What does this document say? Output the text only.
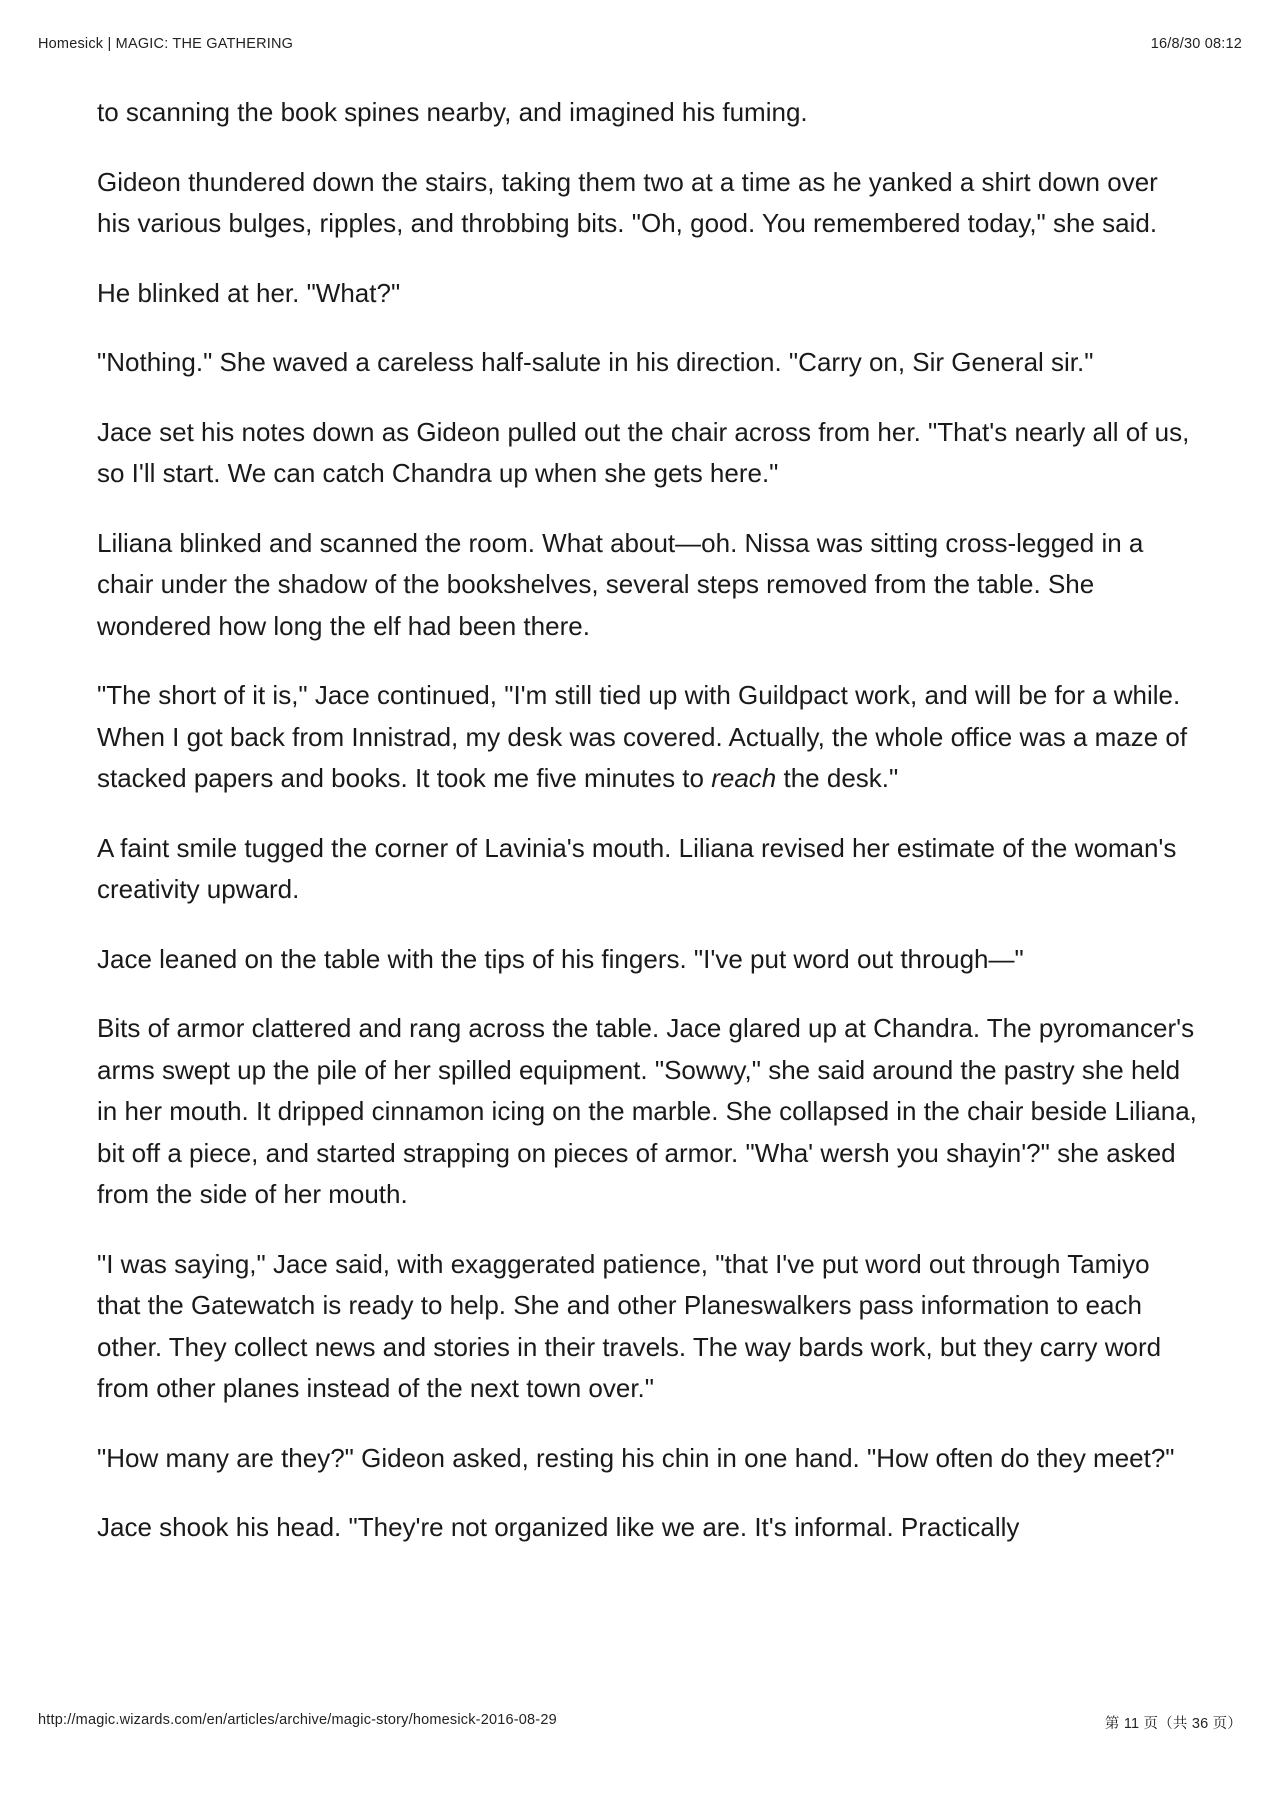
Homesick | MAGIC: THE GATHERING	16/8/30 08:12

to scanning the book spines nearby, and imagined his fuming.

Gideon thundered down the stairs, taking them two at a time as he yanked a shirt down over his various bulges, ripples, and throbbing bits. "Oh, good. You remembered today," she said.

He blinked at her. "What?"

"Nothing." She waved a careless half-salute in his direction. "Carry on, Sir General sir."

Jace set his notes down as Gideon pulled out the chair across from her. "That's nearly all of us, so I'll start. We can catch Chandra up when she gets here."

Liliana blinked and scanned the room. What about—oh. Nissa was sitting cross-legged in a chair under the shadow of the bookshelves, several steps removed from the table. She wondered how long the elf had been there.

"The short of it is," Jace continued, "I'm still tied up with Guildpact work, and will be for a while. When I got back from Innistrad, my desk was covered. Actually, the whole office was a maze of stacked papers and books. It took me five minutes to reach the desk."

A faint smile tugged the corner of Lavinia's mouth. Liliana revised her estimate of the woman's creativity upward.

Jace leaned on the table with the tips of his fingers. "I've put word out through—"

Bits of armor clattered and rang across the table. Jace glared up at Chandra. The pyromancer's arms swept up the pile of her spilled equipment. "Sowwy," she said around the pastry she held in her mouth. It dripped cinnamon icing on the marble. She collapsed in the chair beside Liliana, bit off a piece, and started strapping on pieces of armor. "Wha' wersh you shayin'?" she asked from the side of her mouth.

"I was saying," Jace said, with exaggerated patience, "that I've put word out through Tamiyo that the Gatewatch is ready to help. She and other Planeswalkers pass information to each other. They collect news and stories in their travels. The way bards work, but they carry word from other planes instead of the next town over."

"How many are they?" Gideon asked, resting his chin in one hand. "How often do they meet?"

Jace shook his head. "They're not organized like we are. It's informal. Practically

http://magic.wizards.com/en/articles/archive/magic-story/homesick-2016-08-29	第 11 页（共 36 页）
